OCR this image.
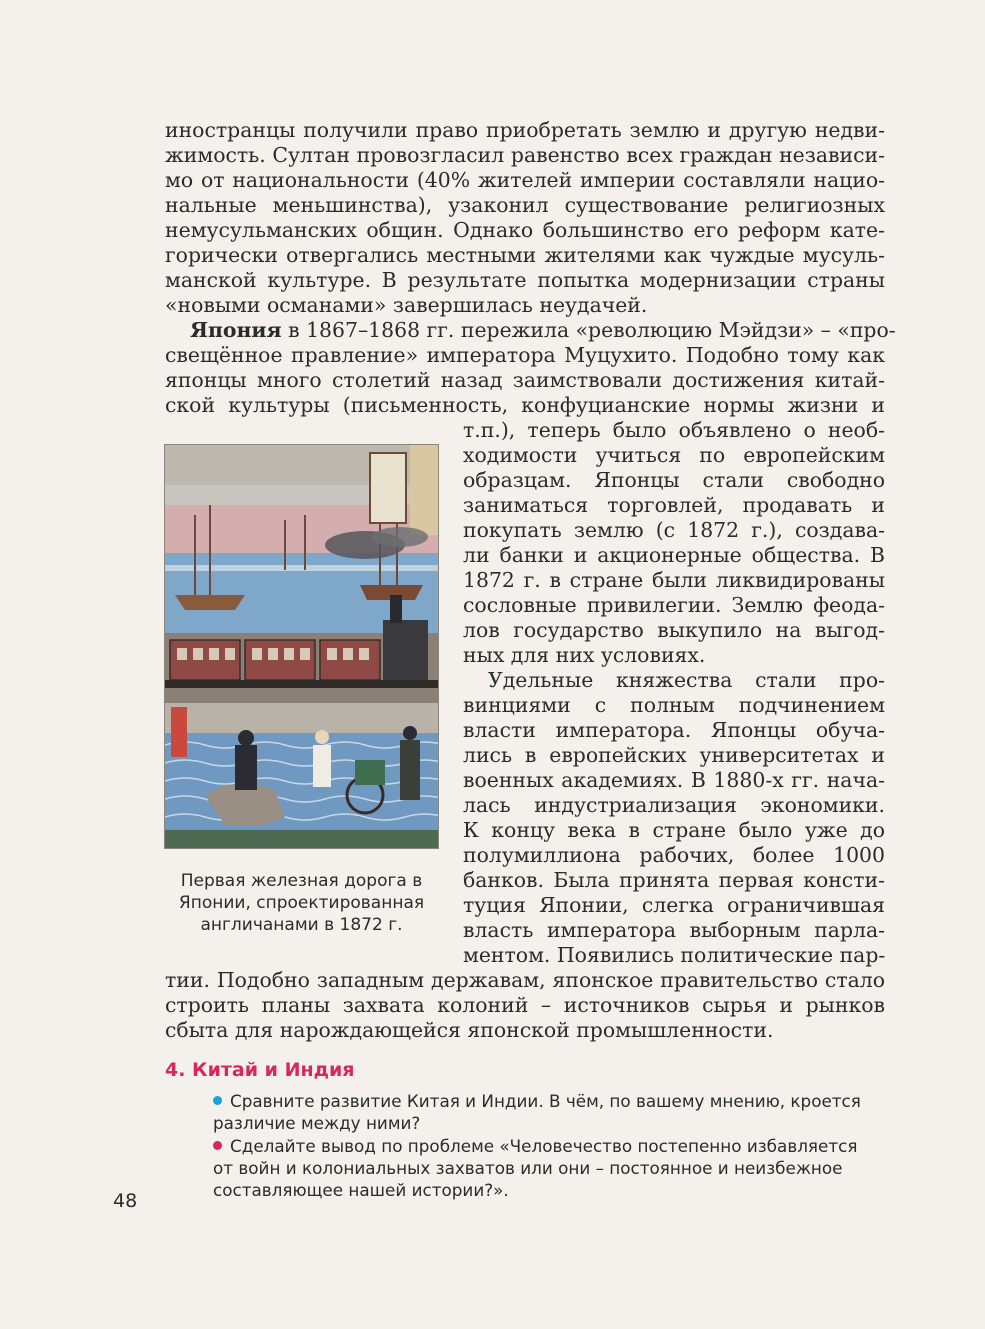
иностранцы получили право приобретать землю и другую недви-
жимость. Султан провозгласил равенство всех граждан независи-
мо от национальности (40% жителей империи составляли нацио-
нальные меньшинства), узаконил существование религиозных
немусульманских общин. Однако большинство его реформ кате-
горически отвергались местными жителями как чуждые мусуль-
манской культуре. В результате попытка модернизации страны
«новыми османами» завершилась неудачей.
Япония в 1867–1868 гг. пережила «революцию Мэйдзи» – «про-
свещённое правление» императора Муцухито. Подобно тому как
японцы много столетий назад заимствовали достижения китай-
ской культуры (письменность, конфуцианские нормы жизни и
т.п.), теперь было объявлено о необ-
ходимости учиться по европейским
образцам. Японцы стали свободно
заниматься торговлей, продавать и
покупать землю (с 1872 г.), создава-
ли банки и акционерные общества. В
1872 г. в стране были ликвидированы
сословные привилегии. Землю феода-
лов государство выкупило на выгод-
ных для них условиях.
Удельные княжества стали про-
винциями с полным подчинением
власти императора. Японцы обуча-
лись в европейских университетах и
военных академиях. В 1880-х гг. нача-
лась индустриализация экономики.
К концу века в стране было уже до
полумиллиона рабочих, более 1000
банков. Была принята первая консти-
туция Японии, слегка ограничившая
власть императора выборным парла-
ментом. Появились политические пар-
тии. Подобно западным державам, японское правительство стало
строить планы захвата колоний – источников сырья и рынков
сбыта для нарождающейся японской промышленности.
Первая железная дорога в
Японии, спроектированная
англичанами в 1872 г.
4. Китай и Индия
Сравните развитие Китая и Индии. В чём, по вашему мнению, кроется
различие между ними?
Сделайте вывод по проблеме «Человечество постепенно избавляется
от войн и колониальных захватов или они – постоянное и неизбежное
составляющее нашей истории?».
48
